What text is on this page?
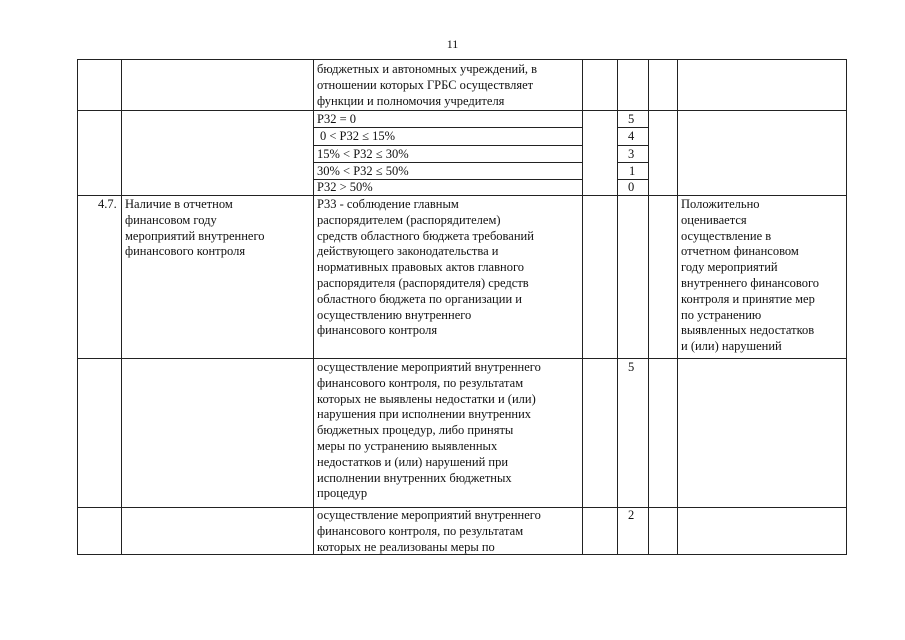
11
бюджетных и автономных учреждений, в
отношении которых ГРБС осуществляет
функции и полномочия учредителя
Р32 = 0
0 < Р32 ≤ 15%
15% < Р32 ≤ 30%
30% < Р32 ≤ 50%
Р32 > 50%
5
4
3
1
0
4.7. Наличие в отчетном
финансовом году
мероприятий внутреннего
финансового контроля
Р33 - соблюдение главным
распорядителем (распорядителем)
средств областного бюджета требований
действующего законодательства и
нормативных правовых актов главного
распорядителя (распорядителя) средств
областного бюджета по организации и
осуществлению внутреннего
финансового контроля
Положительно
оценивается
осуществление в
отчетном финансовом
году мероприятий
внутреннего финансового
контроля и принятие мер
по устранению
выявленных недостатков
и (или) нарушений
осуществление мероприятий внутреннего
финансового контроля, по результатам
которых не выявлены недостатки и (или)
нарушения при исполнении внутренних
бюджетных процедур, либо приняты
меры по устранению выявленных
недостатков и (или) нарушений при
исполнении внутренних бюджетных
процедур
5
осуществление мероприятий внутреннего
финансового контроля, по результатам
которых не реализованы меры по
2
